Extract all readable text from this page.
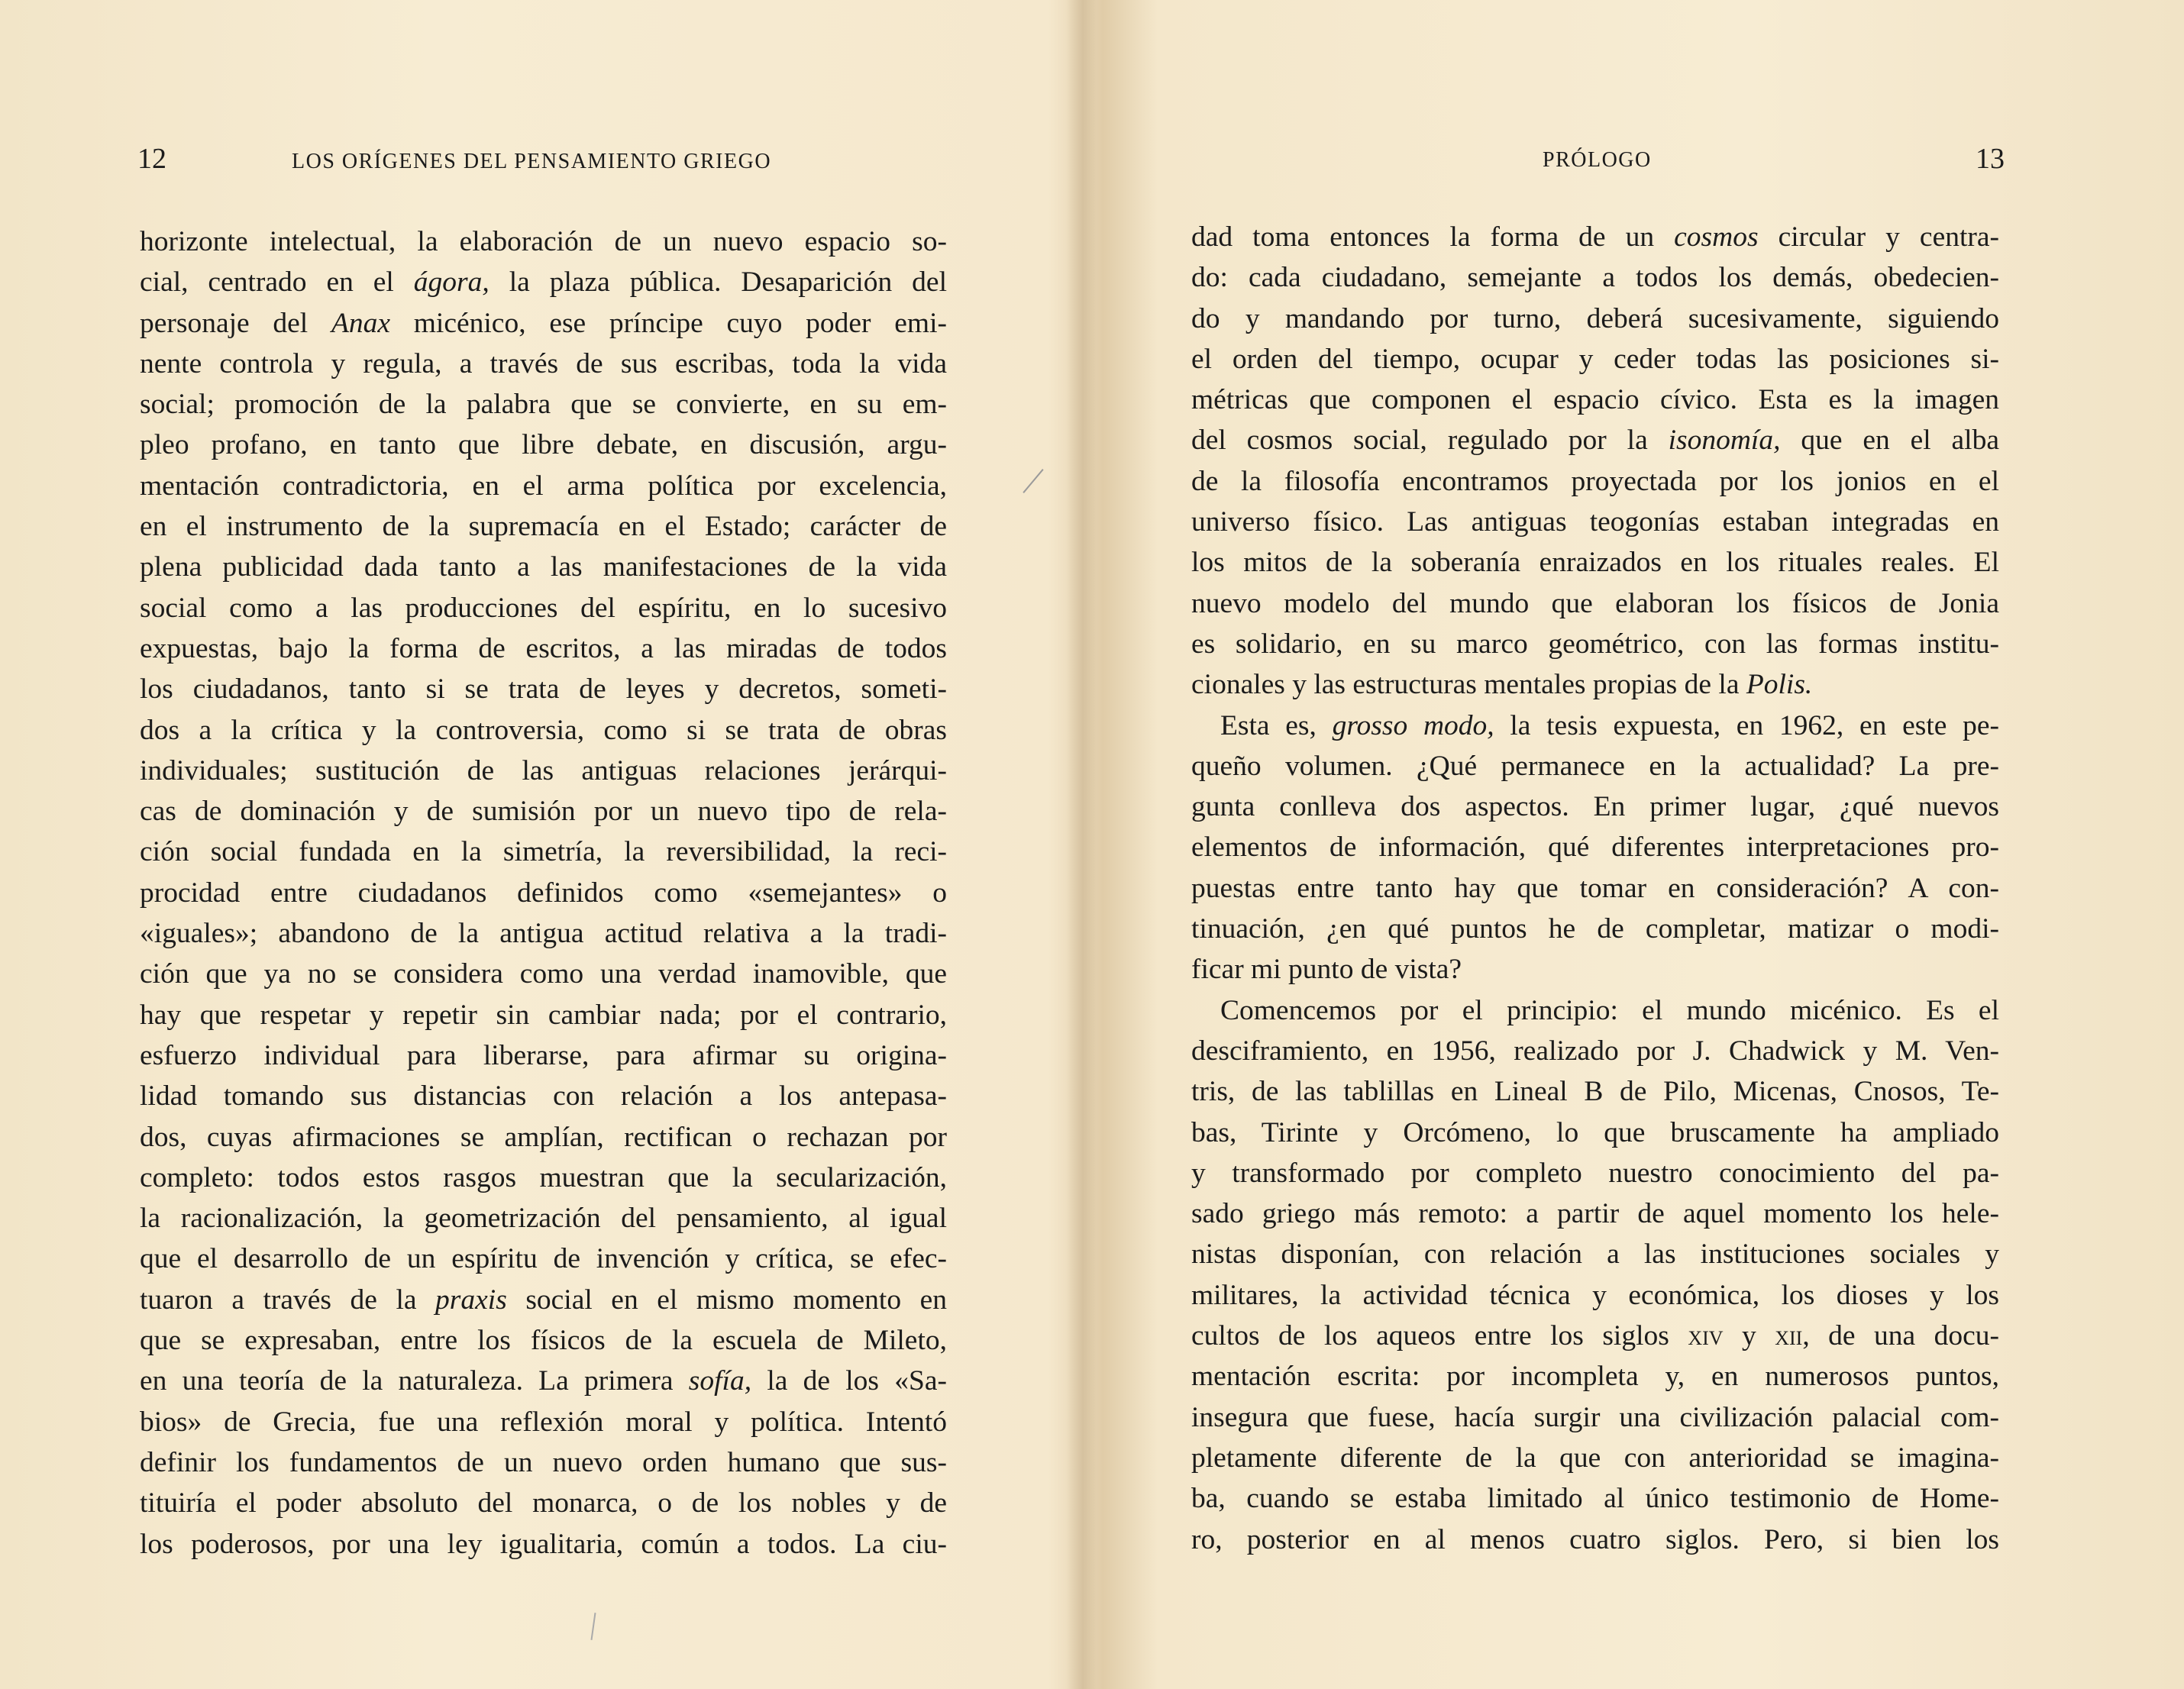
12	LOS ORÍGENES DEL PENSAMIENTO GRIEGO
horizonte intelectual, la elaboración de un nuevo espacio so-
cial, centrado en el ágora, la plaza pública. Desaparición del
personaje del Anax micénico, ese príncipe cuyo poder emi-
nente controla y regula, a través de sus escribas, toda la vida
social; promoción de la palabra que se convierte, en su em-
pleo profano, en tanto que libre debate, en discusión, argu-
mentación contradictoria, en el arma política por excelencia,
en el instrumento de la supremacía en el Estado; carácter de
plena publicidad dada tanto a las manifestaciones de la vida
social como a las producciones del espíritu, en lo sucesivo
expuestas, bajo la forma de escritos, a las miradas de todos
los ciudadanos, tanto si se trata de leyes y decretos, someti-
dos a la crítica y la controversia, como si se trata de obras
individuales; sustitución de las antiguas relaciones jerárqui-
cas de dominación y de sumisión por un nuevo tipo de rela-
ción social fundada en la simetría, la reversibilidad, la reci-
procidad entre ciudadanos definidos como «semejantes» o
«iguales»; abandono de la antigua actitud relativa a la tradi-
ción que ya no se considera como una verdad inamovible, que
hay que respetar y repetir sin cambiar nada; por el contrario,
esfuerzo individual para liberarse, para afirmar su origina-
lidad tomando sus distancias con relación a los antepasa-
dos, cuyas afirmaciones se amplían, rectifican o rechazan por
completo: todos estos rasgos muestran que la secularización,
la racionalización, la geometrización del pensamiento, al igual
que el desarrollo de un espíritu de invención y crítica, se efec-
tuaron a través de la praxis social en el mismo momento en
que se expresaban, entre los físicos de la escuela de Mileto,
en una teoría de la naturaleza. La primera sofía, la de los «Sa-
bios» de Grecia, fue una reflexión moral y política. Intentó
definir los fundamentos de un nuevo orden humano que sus-
tituiría el poder absoluto del monarca, o de los nobles y de
los poderosos, por una ley igualitaria, común a todos. La ciu-
PRÓLOGO	13
dad toma entonces la forma de un cosmos circular y centra-
do: cada ciudadano, semejante a todos los demás, obedecien-
do y mandando por turno, deberá sucesivamente, siguiendo
el orden del tiempo, ocupar y ceder todas las posiciones si-
métricas que componen el espacio cívico. Esta es la imagen
del cosmos social, regulado por la isonomía, que en el alba
de la filosofía encontramos proyectada por los jonios en el
universo físico. Las antiguas teogonías estaban integradas en
los mitos de la soberanía enraizados en los rituales reales. El
nuevo modelo del mundo que elaboran los físicos de Jonia
es solidario, en su marco geométrico, con las formas institu-
cionales y las estructuras mentales propias de la Polis.
Esta es, grosso modo, la tesis expuesta, en 1962, en este pe-
queño volumen. ¿Qué permanece en la actualidad? La pre-
gunta conlleva dos aspectos. En primer lugar, ¿qué nuevos
elementos de información, qué diferentes interpretaciones pro-
puestas entre tanto hay que tomar en consideración? A con-
tinuación, ¿en qué puntos he de completar, matizar o modi-
ficar mi punto de vista?
Comencemos por el principio: el mundo micénico. Es el
desciframiento, en 1956, realizado por J. Chadwick y M. Ven-
tris, de las tablillas en Lineal B de Pilo, Micenas, Cnosos, Te-
bas, Tirinte y Orcómeno, lo que bruscamente ha ampliado
y transformado por completo nuestro conocimiento del pa-
sado griego más remoto: a partir de aquel momento los hele-
nistas disponían, con relación a las instituciones sociales y
militares, la actividad técnica y económica, los dioses y los
cultos de los aqueos entre los siglos xiv y xii, de una docu-
mentación escrita: por incompleta y, en numerosos puntos,
insegura que fuese, hacía surgir una civilización palacial com-
pletamente diferente de la que con anterioridad se imagina-
ba, cuando se estaba limitado al único testimonio de Home-
ro, posterior en al menos cuatro siglos. Pero, si bien los
